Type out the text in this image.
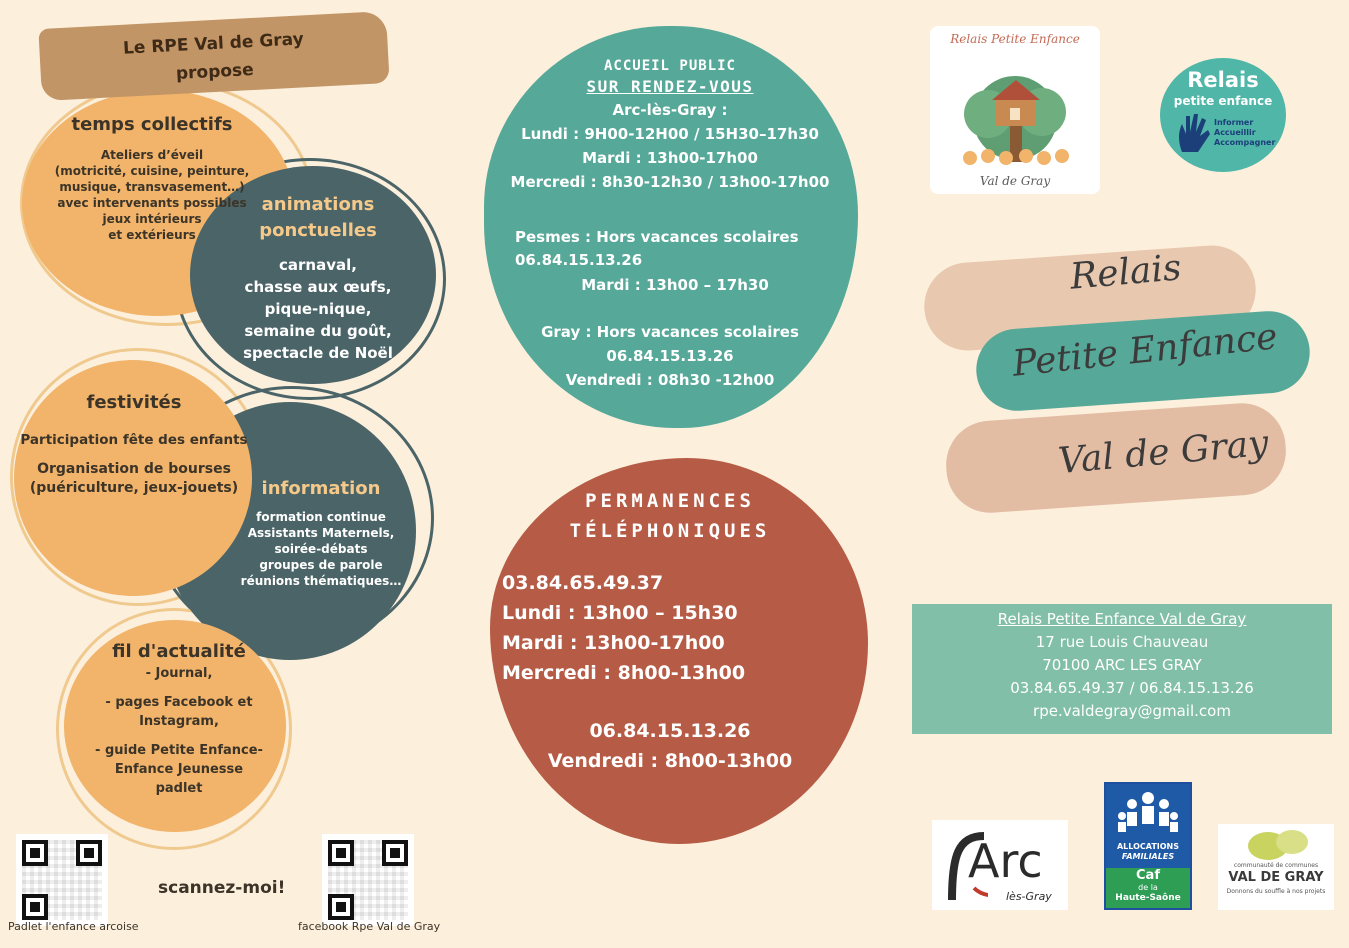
Le RPE Val de Gray
propose
temps collectifs
Ateliers d’éveil
(motricité, cuisine, peinture,
musique, transvasement…)
avec intervenants possibles
jeux intérieurs
et extérieurs
animations
ponctuelles
carnaval,
chasse aux œufs,
pique-nique,
semaine du goût,
spectacle de Noël
festivités
Participation fête des enfants
Organisation de bourses
(puériculture, jeux-jouets)	information
formation continue
Assistants Maternels,
soirée-débats
groupes de parole
réunions thématiques…
fil d'actualité
- Journal,
- pages Facebook et
Instagram,
- guide Petite Enfance-
Enfance Jeunesse
padlet
Padlet l'enfance arcoise
scannez-moi!
facebook Rpe Val de Gray
ACCUEIL PUBLIC
SUR RENDEZ-VOUS
Arc-lès-Gray :
Lundi : 9H00-12H00 / 15H30–17h30
Mardi : 13h00-17h00
Mercredi : 8h30-12h30 / 13h00-17h00
Pesmes : Hors vacances scolaires
06.84.15.13.26
Mardi : 13h00 – 17h30
Gray : Hors vacances scolaires
06.84.15.13.26
Vendredi : 08h30 -12h00
PERMANENCES
TÉLÉPHONIQUES
03.84.65.49.37
Lundi : 13h00 – 15h30
Mardi : 13h00-17h00
Mercredi : 8h00-13h00
06.84.15.13.26
Vendredi : 8h00-13h00
Relais Petite Enfance
Val de Gray
Relais
petite enfance
Informer
Accueillir
Accompagner
Relais
Petite Enfance
Val de Gray
Relais Petite Enfance Val de Gray
17 rue Louis Chauveau
70100 ARC LES GRAY
03.84.65.49.37 / 06.84.15.13.26
rpe.valdegray@gmail.com
Arc
lès-Gray
ALLOCATIONS
FAMILIALES
Caf
de la
Haute-Saône
communauté de communes
VAL DE GRAY
Donnons du souffle à nos projets
